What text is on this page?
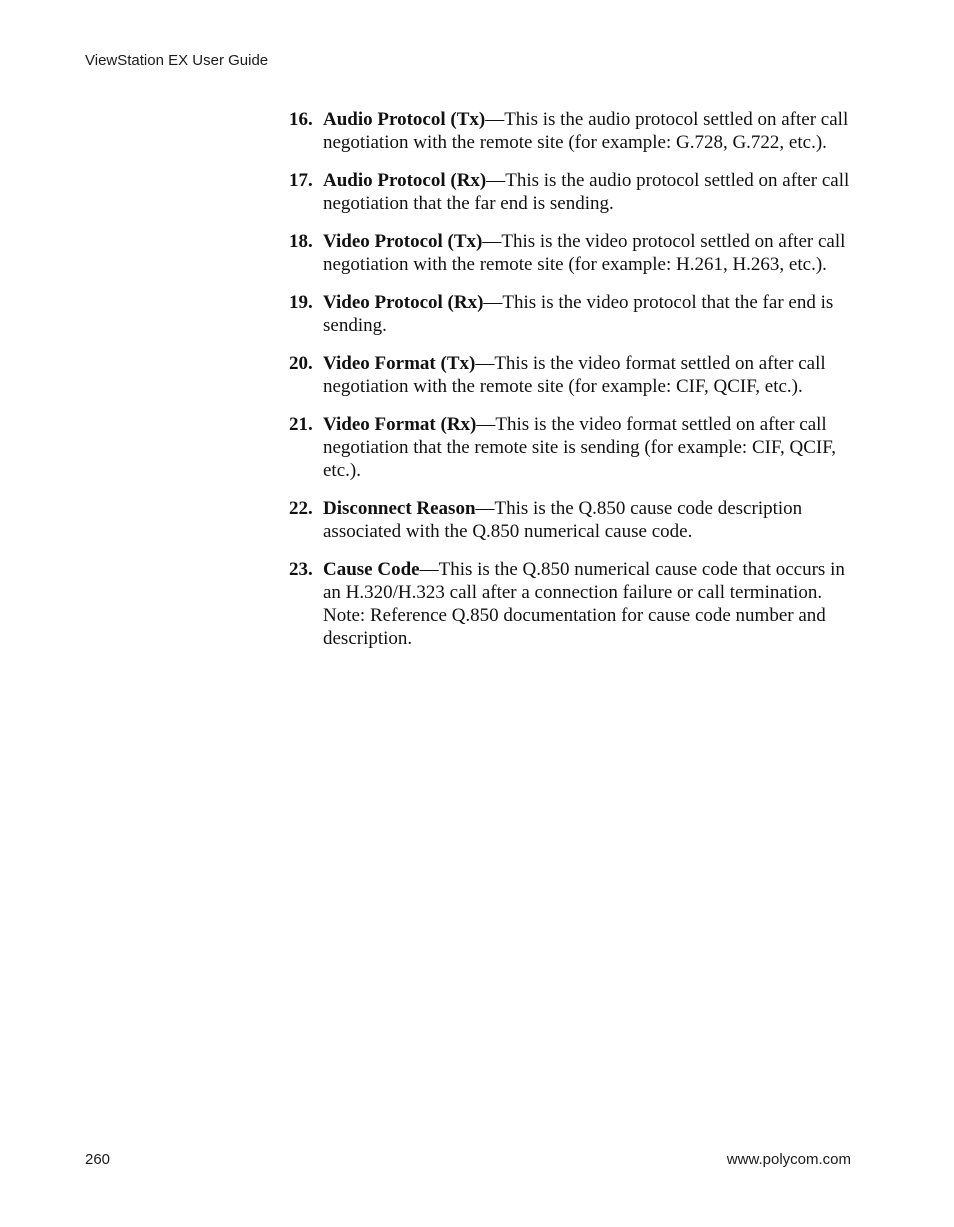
ViewStation EX User Guide
16. Audio Protocol (Tx)—This is the audio protocol settled on after call negotiation with the remote site (for example: G.728, G.722, etc.).
17. Audio Protocol (Rx)—This is the audio protocol settled on after call negotiation that the far end is sending.
18. Video Protocol (Tx)—This is the video protocol settled on after call negotiation with the remote site (for example: H.261, H.263, etc.).
19. Video Protocol (Rx)—This is the video protocol that the far end is sending.
20. Video Format (Tx)—This is the video format settled on after call negotiation with the remote site (for example: CIF, QCIF, etc.).
21. Video Format (Rx)—This is the video format settled on after call negotiation that the remote site is sending (for example: CIF, QCIF, etc.).
22. Disconnect Reason—This is the Q.850 cause code description associated with the Q.850 numerical cause code.
23. Cause Code—This is the Q.850 numerical cause code that occurs in an H.320/H.323 call after a connection failure or call termination. Note: Reference Q.850 documentation for cause code number and description.
260	www.polycom.com
